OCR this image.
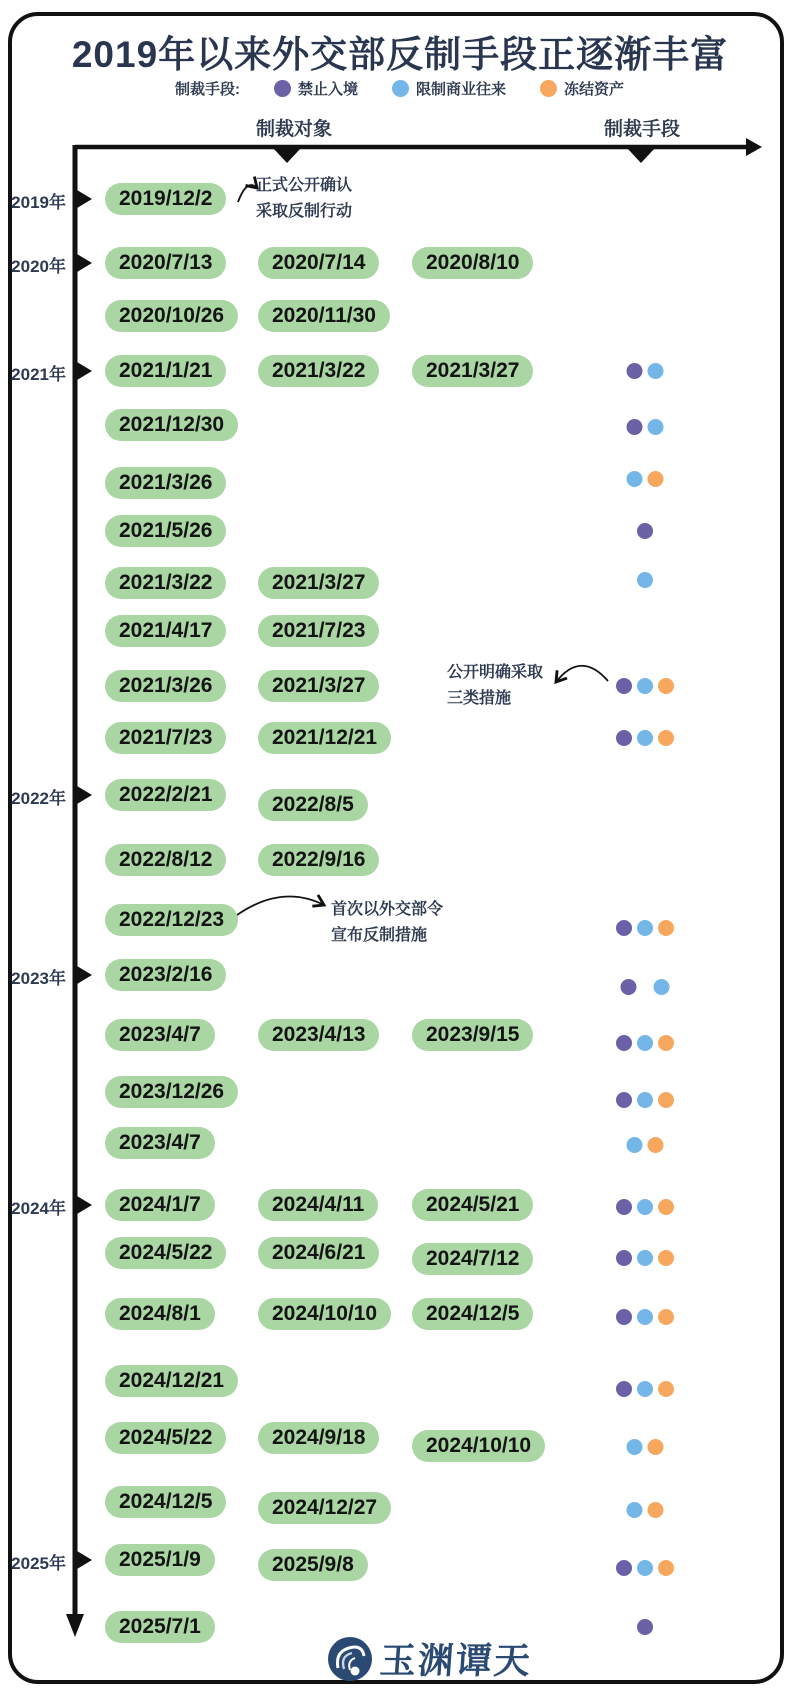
2019年以来外交部反制手段正逐渐丰富
制裁手段:	禁止入境	限制商业往来	冻结资产
制裁对象	制裁手段
2019年	2019/12/2
正式公开确认
采取反制行动
2020年	2020/7/13	2020/7/14	2020/8/10
2020/10/26	2020/11/30
2021年	2021/1/21	2021/3/22	2021/3/27
2021/12/30
2021/3/26
2021/5/26
2021/3/22	2021/3/27
2021/4/17	2021/7/23
2021/3/26	2021/3/27
公开明确采取
三类措施
2021/7/23	2021/12/21
2022年	2022/2/21	2022/8/5
2022/8/12	2022/9/16
2022/12/23	首次以外交部令
宣布反制措施
2023年	2023/2/16
2023/4/7	2023/4/13	2023/9/15
2023/12/26
2023/4/7
2024年	2024/1/7	2024/4/11	2024/5/21
2024/5/22	2024/6/21	2024/7/12
2024/8/1	2024/10/10	2024/12/5
2024/12/21
2024/5/22	2024/9/18	2024/10/10
2024/12/5	2024/12/27
2025年	2025/1/9	2025/9/8
2025/7/1
玉渊谭天
